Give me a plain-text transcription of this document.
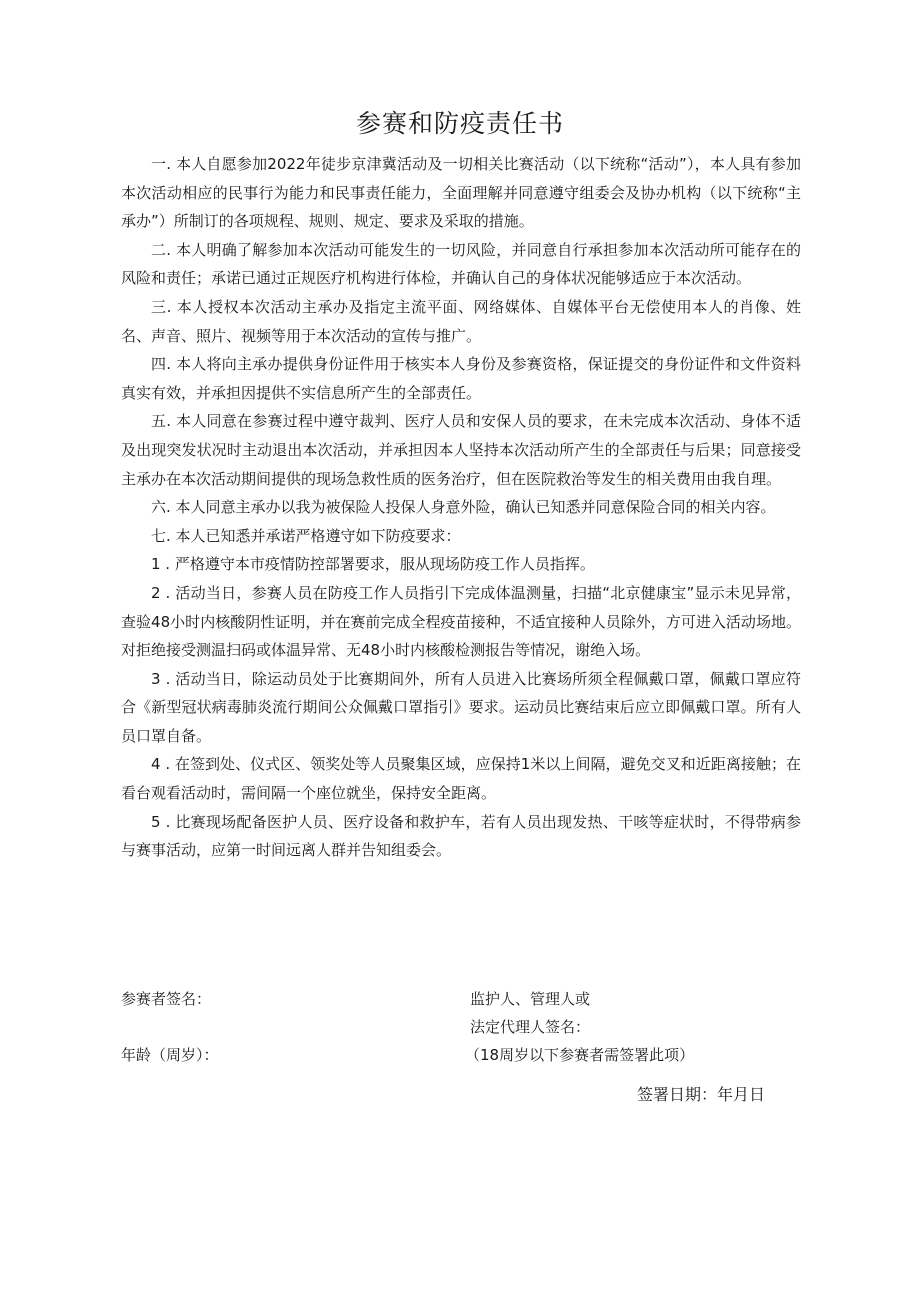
参赛和防疫责任书

一. 本人自愿参加2022年徒步京津冀活动及一切相关比赛活动（以下统称“活动”），本人具有参加本次活动相应的民事行为能力和民事责任能力，全面理解并同意遵守组委会及协办机构（以下统称“主承办”）所制订的各项规程、规则、规定、要求及采取的措施。

二. 本人明确了解参加本次活动可能发生的一切风险，并同意自行承担参加本次活动所可能存在的风险和责任；承诺已通过正规医疗机构进行体检，并确认自己的身体状况能够适应于本次活动。

三. 本人授权本次活动主承办及指定主流平面、网络媒体、自媒体平台无偿使用本人的肖像、姓名、声音、照片、视频等用于本次活动的宣传与推广。

四. 本人将向主承办提供身份证件用于核实本人身份及参赛资格，保证提交的身份证件和文件资料真实有效，并承担因提供不实信息所产生的全部责任。

五. 本人同意在参赛过程中遵守裁判、医疗人员和安保人员的要求，在未完成本次活动、身体不适及出现突发状况时主动退出本次活动，并承担因本人坚持本次活动所产生的全部责任与后果；同意接受主承办在本次活动期间提供的现场急救性质的医务治疗，但在医院救治等发生的相关费用由我自理。

六. 本人同意主承办以我为被保险人投保人身意外险，确认已知悉并同意保险合同的相关内容。

七. 本人已知悉并承诺严格遵守如下防疫要求：

1 . 严格遵守本市疫情防控部署要求，服从现场防疫工作人员指挥。

2 . 活动当日，参赛人员在防疫工作人员指引下完成体温测量，扫描“北京健康宝”显示未见异常，查验48小时内核酸阴性证明，并在赛前完成全程疫苗接种，不适宜接种人员除外，方可进入活动场地。对拒绝接受测温扫码或体温异常、无48小时内核酸检测报告等情况，谢绝入场。

3 . 活动当日，除运动员处于比赛期间外，所有人员进入比赛场所须全程佩戴口罩，佩戴口罩应符合《新型冠状病毒肺炎流行期间公众佩戴口罩指引》要求。运动员比赛结束后应立即佩戴口罩。所有人员口罩自备。

4 . 在签到处、仪式区、领奖处等人员聚集区域，应保持1米以上间隔，避免交叉和近距离接触；在看台观看活动时，需间隔一个座位就坐，保持安全距离。

5 . 比赛现场配备医护人员、医疗设备和救护车，若有人员出现发热、干咳等症状时，不得带病参与赛事活动，应第一时间远离人群并告知组委会。

参赛者签名：	监护人、管理人或
法定代理人签名：
年龄（周岁）：	（18周岁以下参赛者需签署此项）
签署日期：年月日
